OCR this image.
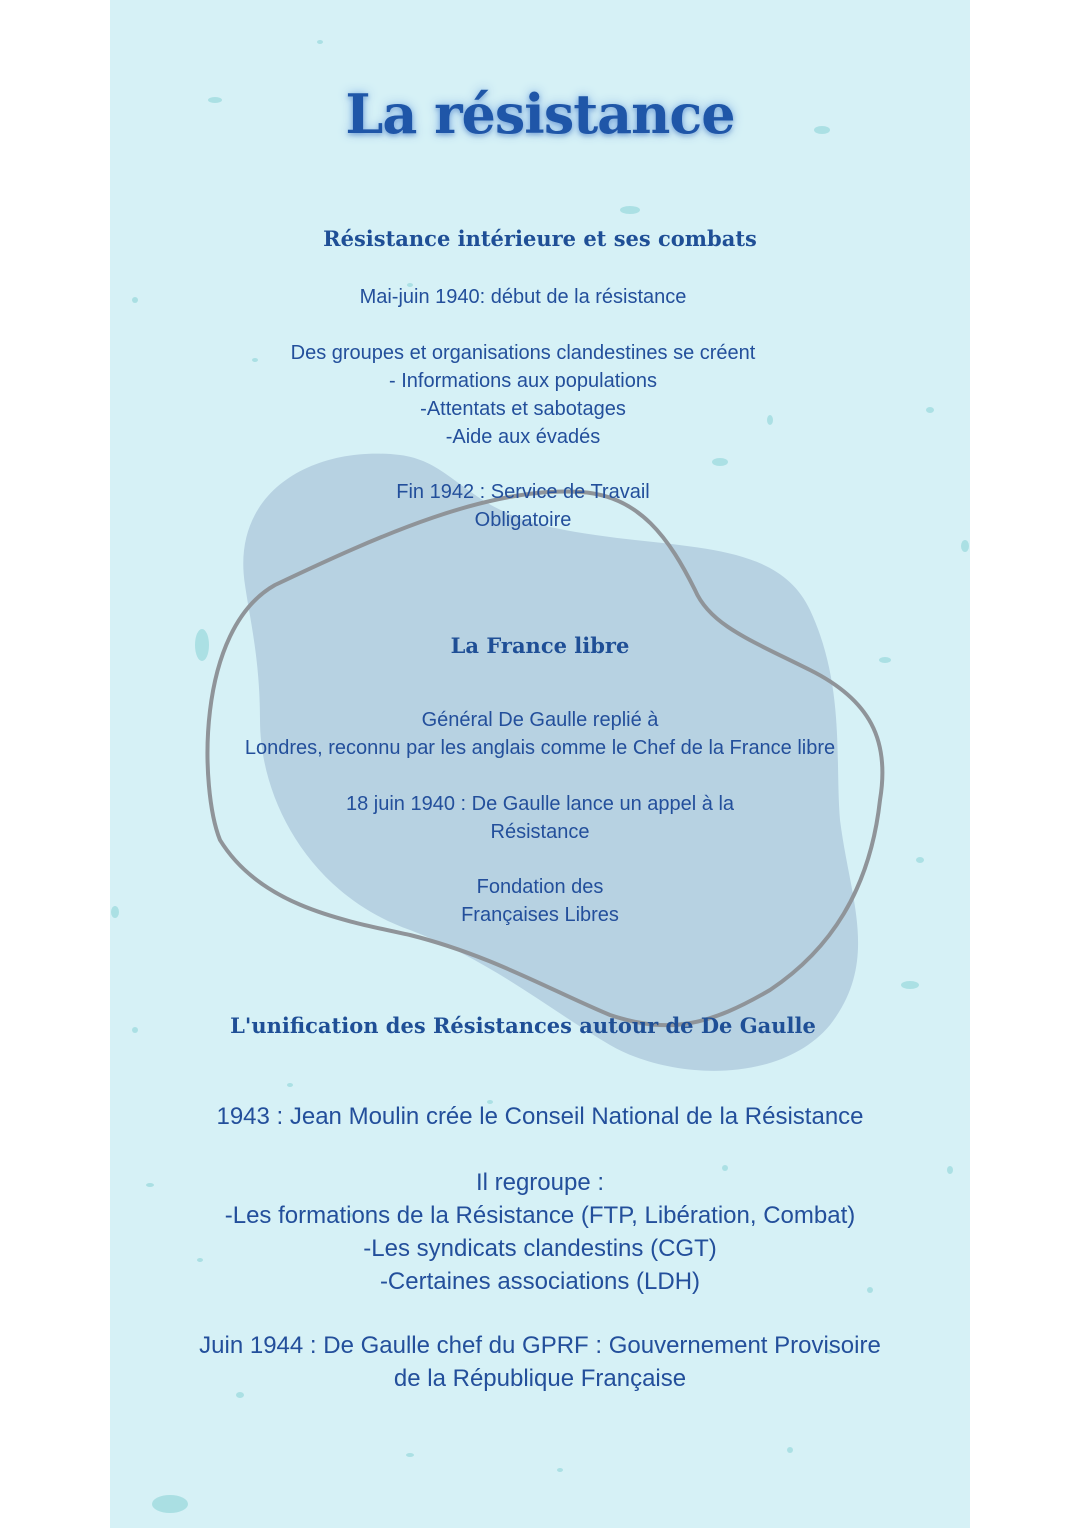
La résistance
Résistance intérieure et ses combats
Mai-juin 1940: début de la résistance
Des groupes et organisations clandestines se créent
- Informations aux populations
-Attentats et sabotages
-Aide aux évadés
Fin 1942 : Service de Travail
Obligatoire
La France libre
Général De Gaulle replié à
Londres, reconnu par les anglais comme le Chef de la France libre
18 juin 1940 : De Gaulle lance un appel à la
Résistance
Fondation des
Françaises Libres
L'unification des Résistances autour de De Gaulle
1943 : Jean Moulin crée le Conseil National de la Résistance
Il regroupe :
-Les formations de la Résistance (FTP, Libération, Combat)
-Les syndicats clandestins (CGT)
-Certaines associations (LDH)
Juin 1944 : De Gaulle chef du GPRF : Gouvernement Provisoire
de la République Française
